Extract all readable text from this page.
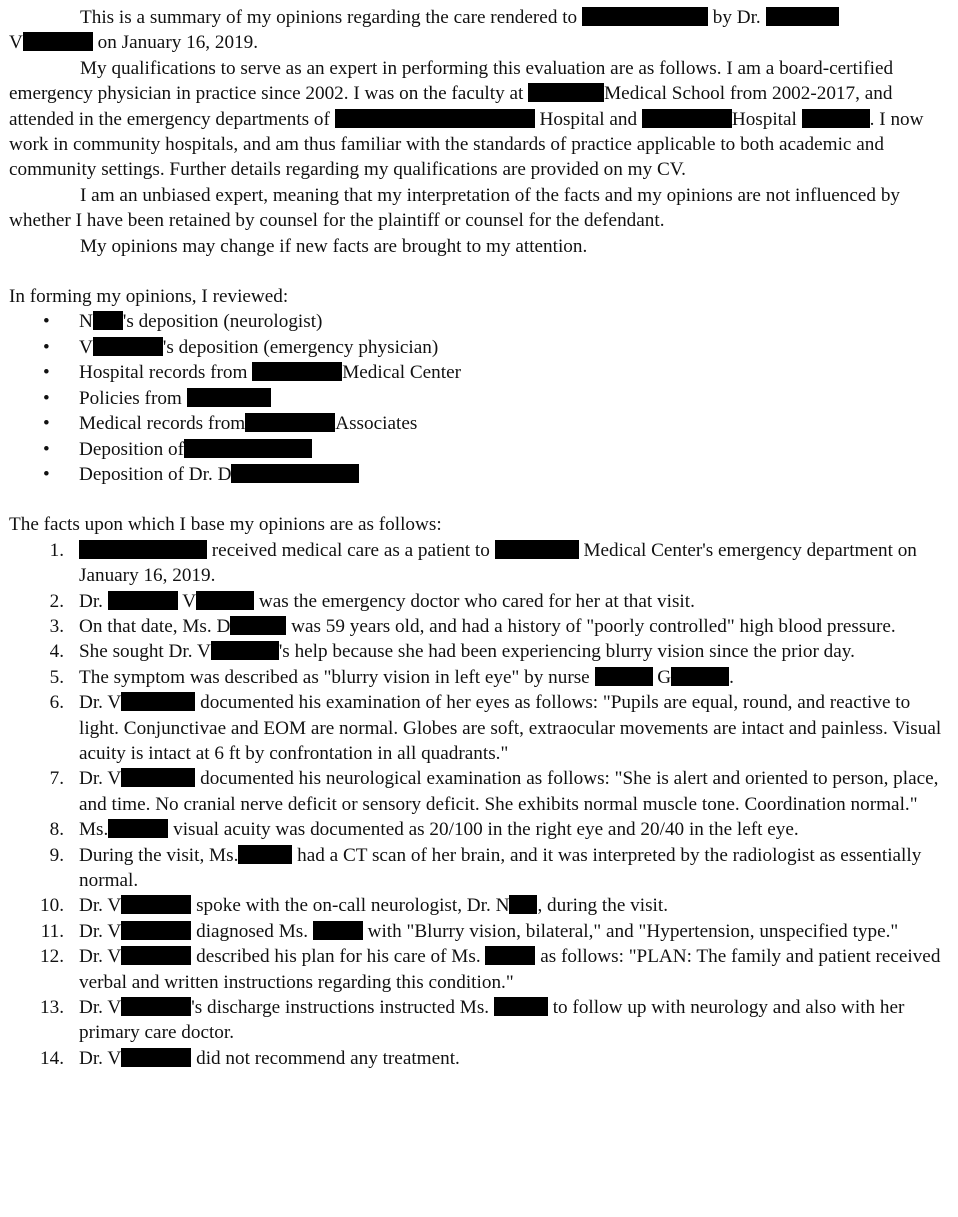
This is a summary of my opinions regarding the care rendered to	by Dr.
V	on January 16, 2019.

My qualifications to serve as an expert in performing this evaluation are as follows. I am a board-certified emergency physician in practice since 2002. I was on the faculty at	Medical School from 2002-2017, and attended in the emergency departments of	Hospital and	Hospital	. I now work in community hospitals, and am thus familiar with the standards of practice applicable to both academic and community settings. Further details regarding my qualifications are provided on my CV.

I am an unbiased expert, meaning that my interpretation of the facts and my opinions are not influenced by whether I have been retained by counsel for the plaintiff or counsel for the defendant.

My opinions may change if new facts are brought to my attention.

In forming my opinions, I reviewed:

• N 's deposition (neurologist)
• V	's deposition (emergency physician)
• Hospital records from	Medical Center
• Policies from
• Medical records from	Associates
• Deposition of
• Deposition of Dr. D

The facts upon which I base my opinions are as follows:

1.	received medical care as a patient to	Medical Center's emergency department on January 16, 2019.
2. Dr.	V	was the emergency doctor who cared for her at that visit.
3. On that date, Ms. D	was 59 years old, and had a history of "poorly controlled" high blood pressure.
4. She sought Dr. V	's help because she had been experiencing blurry vision since the prior day.
5. The symptom was described as "blurry vision in left eye" by nurse	G	.
6. Dr. V	documented his examination of her eyes as follows: "Pupils are equal, round, and reactive to light. Conjunctivae and EOM are normal. Globes are soft, extraocular movements are intact and painless. Visual acuity is intact at 6 ft by confrontation in all quadrants."
7. Dr. V	documented his neurological examination as follows: "She is alert and oriented to person, place, and time. No cranial nerve deficit or sensory deficit. She exhibits normal muscle tone. Coordination normal."
8. Ms.	visual acuity was documented as 20/100 in the right eye and 20/40 in the left eye.
9. During the visit, Ms.	had a CT scan of her brain, and it was interpreted by the radiologist as essentially normal.
10. Dr. V	spoke with the on-call neurologist, Dr. N , during the visit.
11. Dr. V	diagnosed Ms.	with "Blurry vision, bilateral," and "Hypertension, unspecified type."
12. Dr. V	described his plan for his care of Ms.	as follows: "PLAN: The family and patient received verbal and written instructions regarding this condition."
13. Dr. V	's discharge instructions instructed Ms.	to follow up with neurology and also with her primary care doctor.
14. Dr. V	did not recommend any treatment.
